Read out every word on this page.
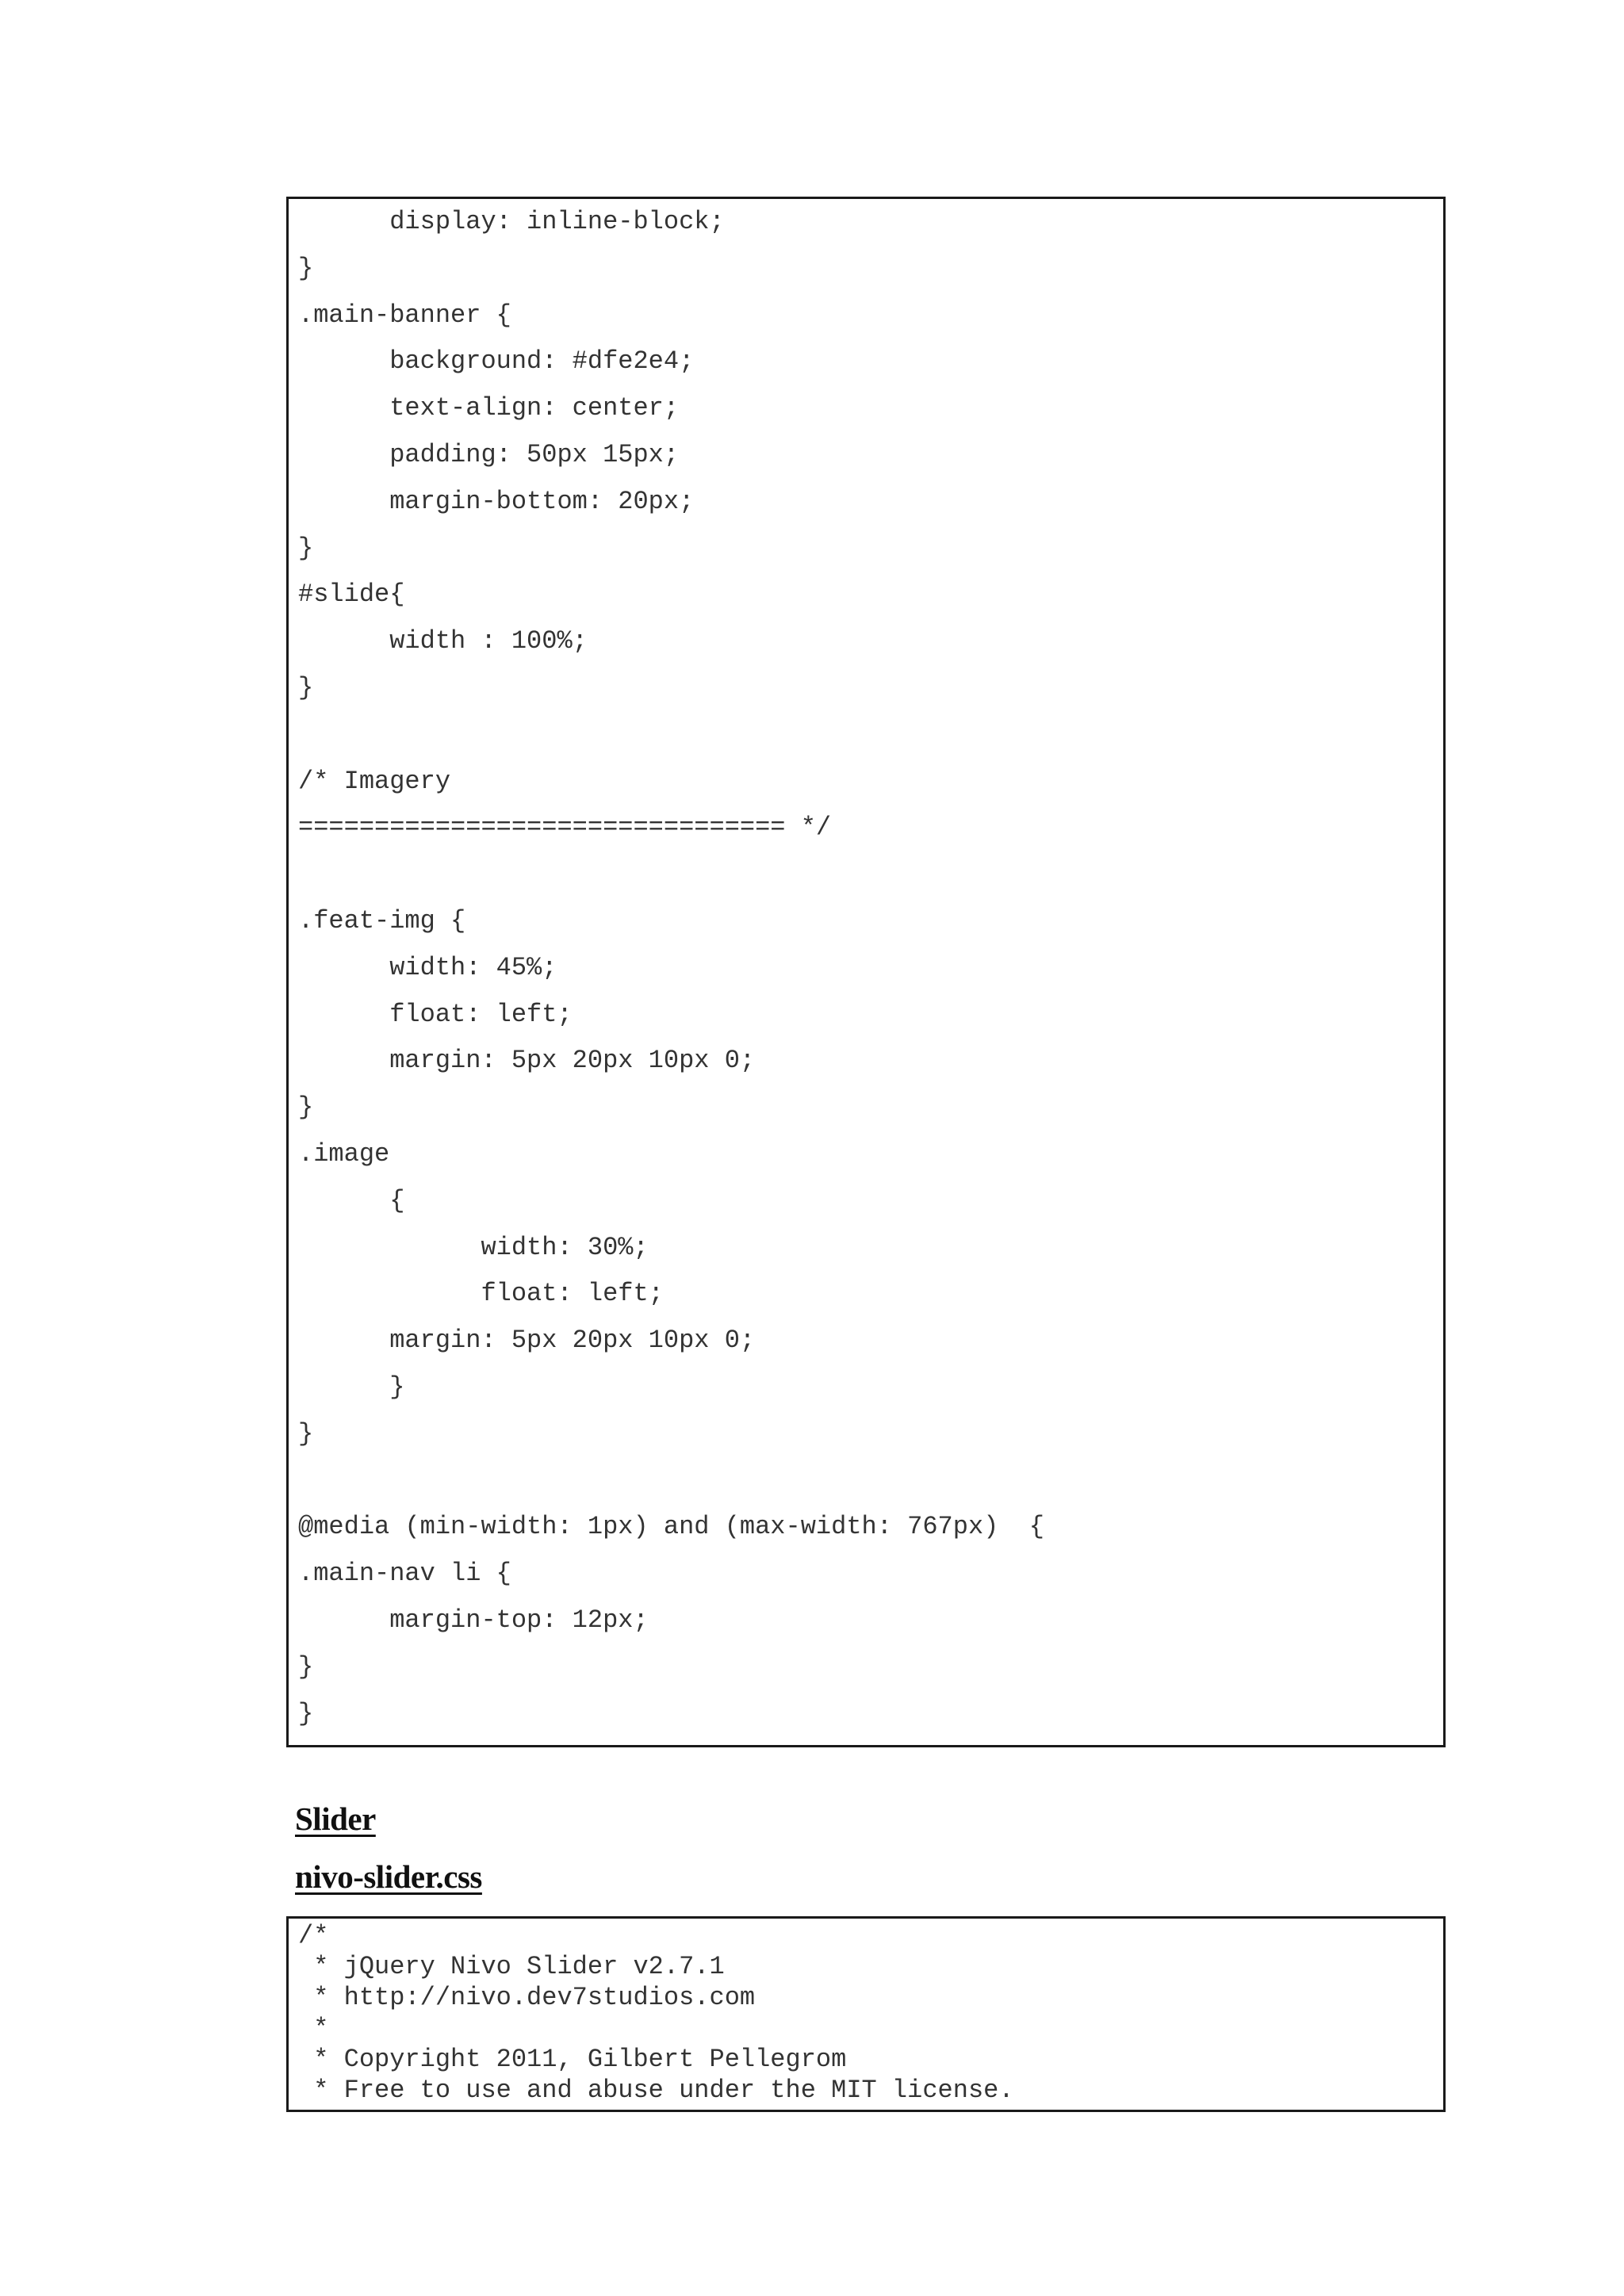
display: inline-block;
}
.main-banner {
background: #dfe2e4;
text-align: center;
padding: 50px 15px;
margin-bottom: 20px;
}
#slide{
width : 100%;
}
/* Imagery
================================ */
.feat-img {
width: 45%;
float: left;
margin: 5px 20px 10px 0;
}
.image
{
width: 30%;
float: left;
margin: 5px 20px 10px 0;
}
}
@media (min-width: 1px) and (max-width: 767px)  {
.main-nav li {
margin-top: 12px;
}
}
Slider
nivo-slider.css
/*
* jQuery Nivo Slider v2.7.1
* http://nivo.dev7studios.com
*
* Copyright 2011, Gilbert Pellegrom
* Free to use and abuse under the MIT license.
